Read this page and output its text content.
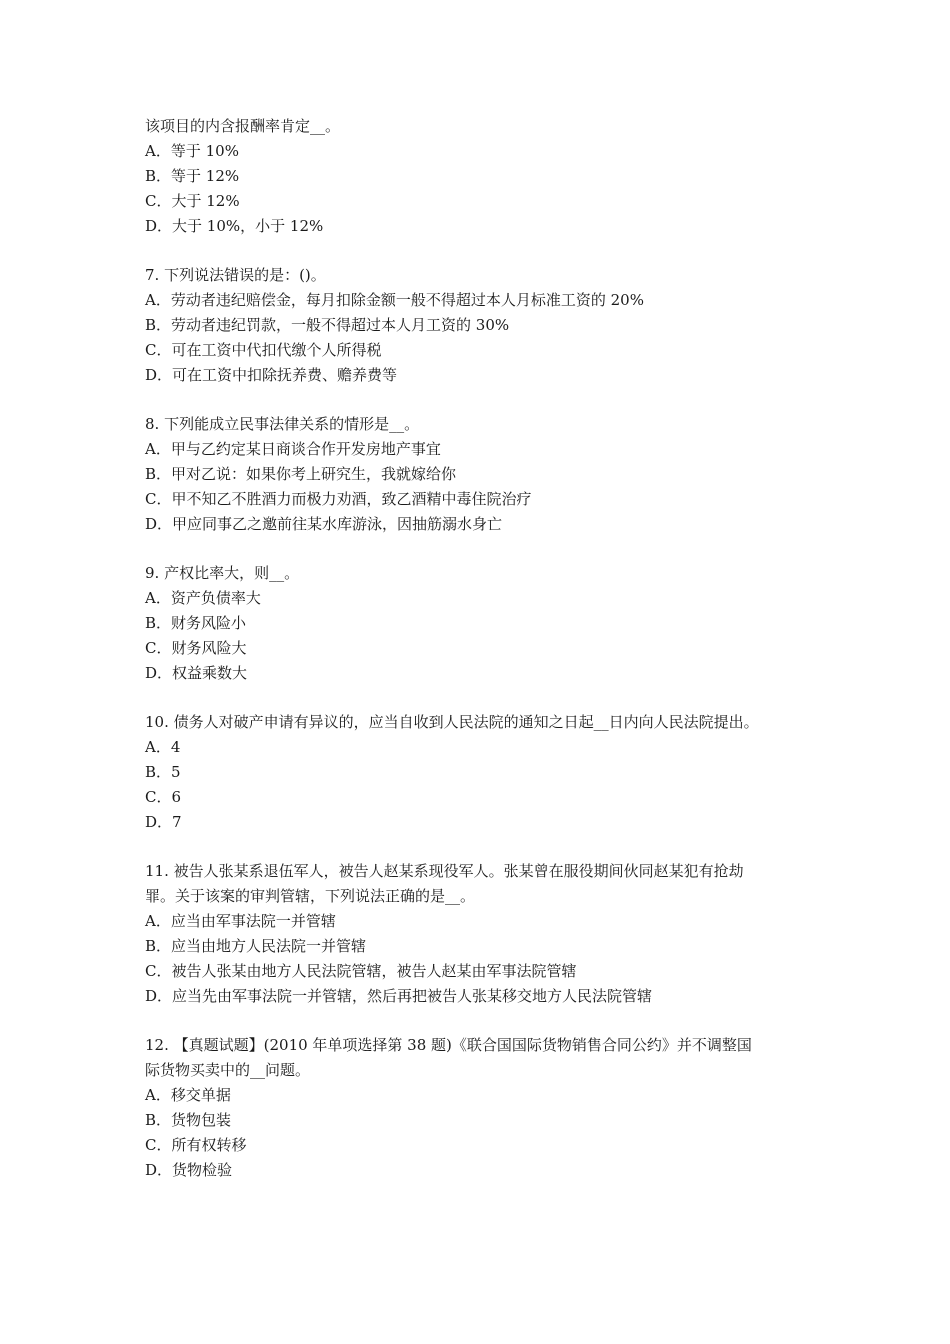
该项目的内含报酬率肯定__。
A．等于 10%
B．等于 12%
C．大于 12%
D．大于 10%，小于 12%
7. 下列说法错误的是：()。
A．劳动者违纪赔偿金，每月扣除金额一般不得超过本人月标准工资的 20%
B．劳动者违纪罚款，一般不得超过本人月工资的 30%
C．可在工资中代扣代缴个人所得税
D．可在工资中扣除抚养费、赡养费等
8. 下列能成立民事法律关系的情形是__。
A．甲与乙约定某日商谈合作开发房地产事宜
B．甲对乙说：如果你考上研究生，我就嫁给你
C．甲不知乙不胜酒力而极力劝酒，致乙酒精中毒住院治疗
D．甲应同事乙之邀前往某水库游泳，因抽筋溺水身亡
9. 产权比率大，则__。
A．资产负债率大
B．财务风险小
C．财务风险大
D．权益乘数大
10. 债务人对破产申请有异议的，应当自收到人民法院的通知之日起__日内向人民法院提出。
A．4
B．5
C．6
D．7
11. 被告人张某系退伍军人，被告人赵某系现役军人。张某曾在服役期间伙同赵某犯有抢劫
罪。关于该案的审判管辖，下列说法正确的是__。
A．应当由军事法院一并管辖
B．应当由地方人民法院一并管辖
C．被告人张某由地方人民法院管辖，被告人赵某由军事法院管辖
D．应当先由军事法院一并管辖，然后再把被告人张某移交地方人民法院管辖
12. 【真题试题】(2010 年单项选择第 38 题)《联合国国际货物销售合同公约》并不调整国
际货物买卖中的__问题。
A．移交单据
B．货物包装
C．所有权转移
D．货物检验
